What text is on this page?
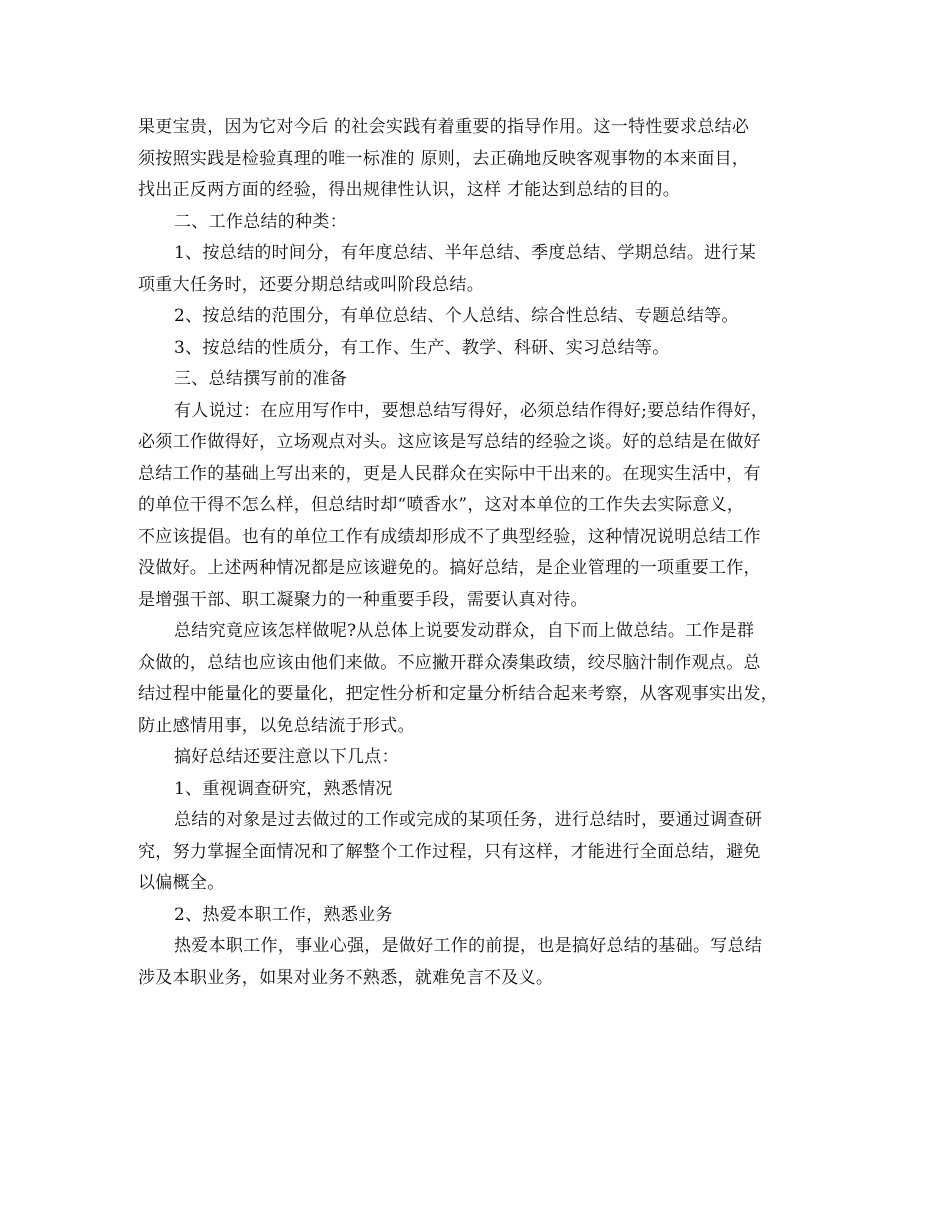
果更宝贵，因为它对今后 的社会实践有着重要的指导作用。这一特性要求总结必
须按照实践是检验真理的唯一标准的 原则，去正确地反映客观事物的本来面目，
找出正反两方面的经验，得出规律性认识，这样 才能达到总结的目的。
二、工作总结的种类：
1、按总结的时间分，有年度总结、半年总结、季度总结、学期总结。进行某
项重大任务时，还要分期总结或叫阶段总结。
2、按总结的范围分，有单位总结、个人总结、综合性总结、专题总结等。
3、按总结的性质分，有工作、生产、教学、科研、实习总结等。
三、总结撰写前的准备
有人说过：在应用写作中，要想总结写得好，必须总结作得好;要总结作得好，
必须工作做得好，立场观点对头。这应该是写总结的经验之谈。好的总结是在做好
总结工作的基础上写出来的，更是人民群众在实际中干出来的。在现实生活中，有
的单位干得不怎么样，但总结时却“喷香水”，这对本单位的工作失去实际意义，
不应该提倡。也有的单位工作有成绩却形成不了典型经验，这种情况说明总结工作
没做好。上述两种情况都是应该避免的。搞好总结，是企业管理的一项重要工作，
是增强干部、职工凝聚力的一种重要手段，需要认真对待。
总结究竟应该怎样做呢?从总体上说要发动群众，自下而上做总结。工作是群
众做的，总结也应该由他们来做。不应撇开群众凑集政绩，绞尽脑汁制作观点。总
结过程中能量化的要量化，把定性分析和定量分析结合起来考察，从客观事实出发，
防止感情用事，以免总结流于形式。
搞好总结还要注意以下几点：
1、重视调查研究，熟悉情况
总结的对象是过去做过的工作或完成的某项任务，进行总结时，要通过调查研
究，努力掌握全面情况和了解整个工作过程，只有这样，才能进行全面总结，避免
以偏概全。
2、热爱本职工作，熟悉业务
热爱本职工作，事业心强，是做好工作的前提，也是搞好总结的基础。写总结
涉及本职业务，如果对业务不熟悉，就难免言不及义。
